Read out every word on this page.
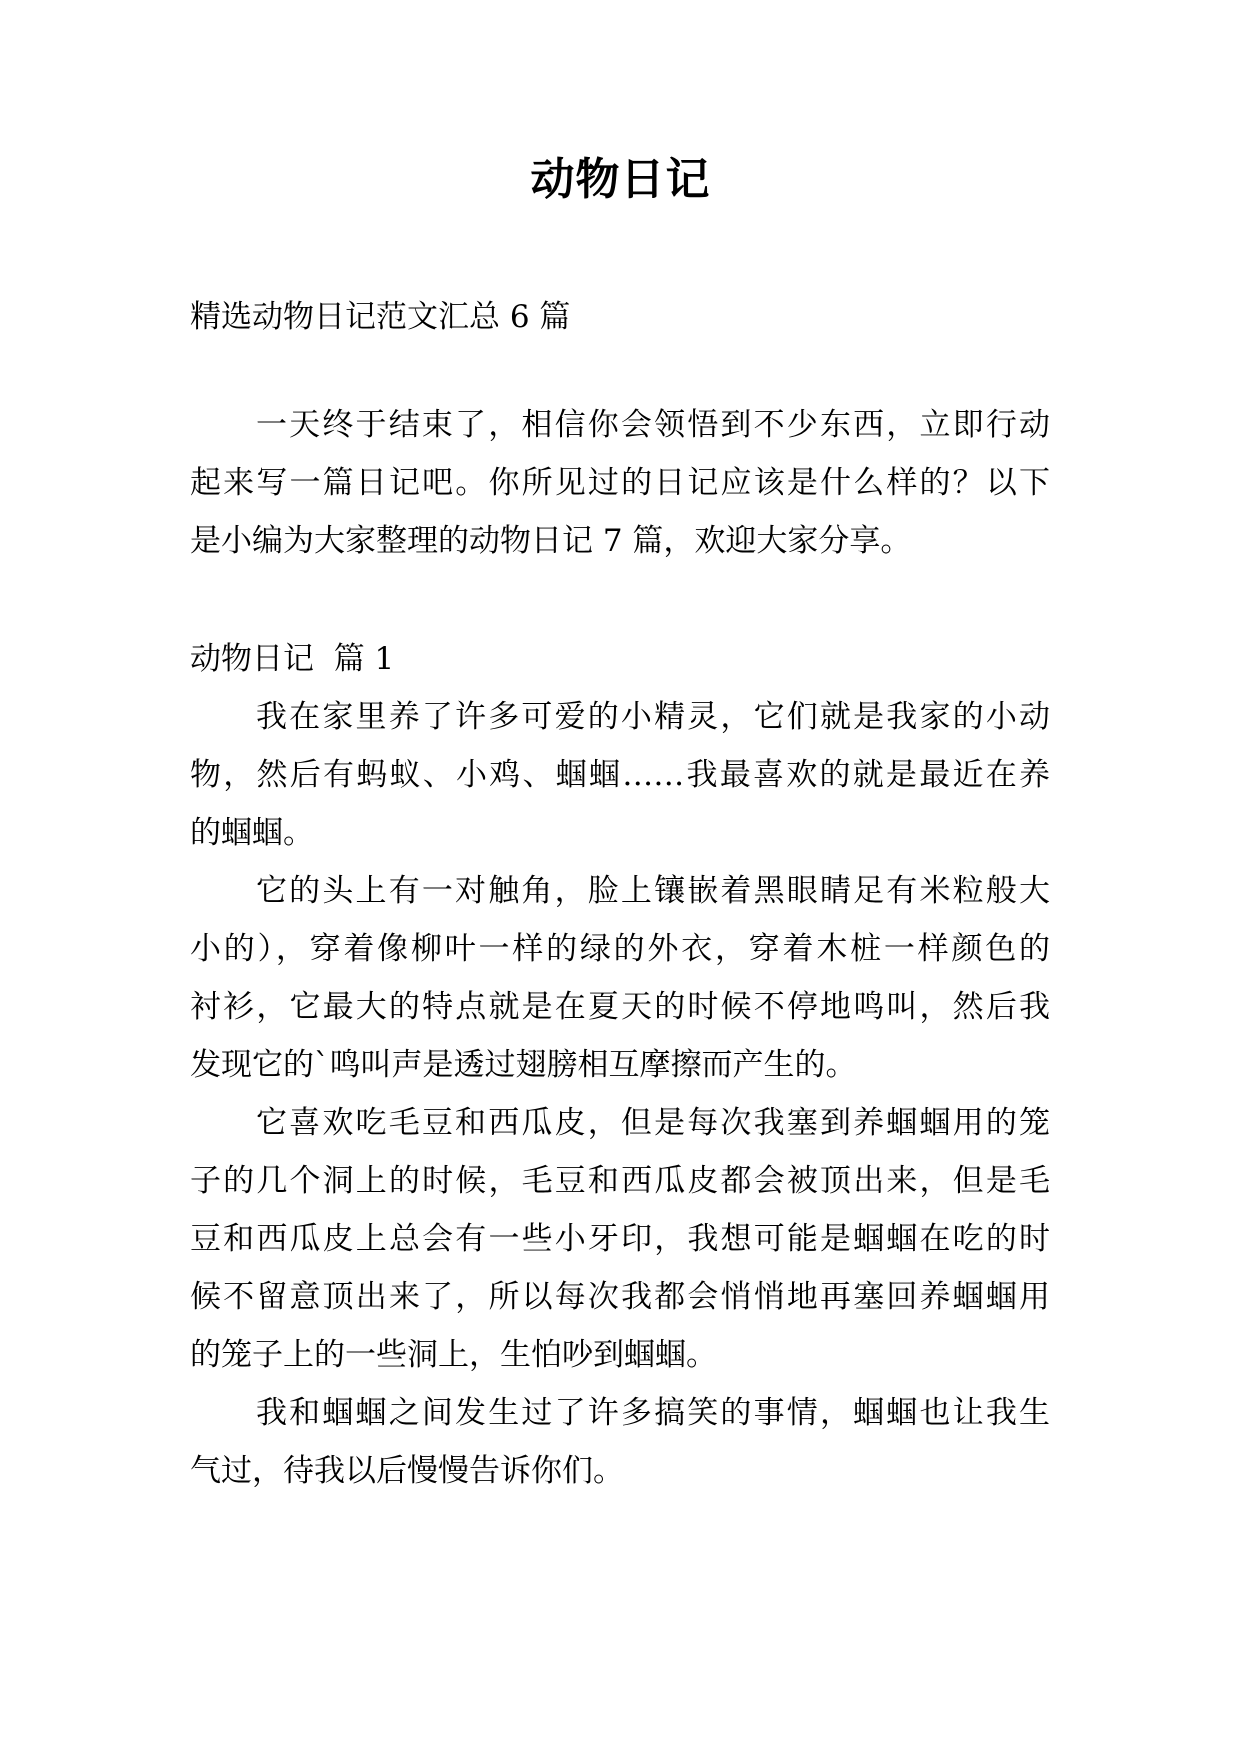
动物日记
精选动物日记范文汇总 6 篇
一天终于结束了，相信你会领悟到不少东西，立即行动
起来写一篇日记吧。你所见过的日记应该是什么样的？以下
是小编为大家整理的动物日记 7 篇，欢迎大家分享。
动物日记  篇 1
我在家里养了许多可爱的小精灵，它们就是我家的小动
物，然后有蚂蚁、小鸡、蝈蝈……我最喜欢的就是最近在养
的蝈蝈。
它的头上有一对触角，脸上镶嵌着黑眼睛足有米粒般大
小的），穿着像柳叶一样的绿的外衣，穿着木桩一样颜色的
衬衫，它最大的特点就是在夏天的时候不停地鸣叫，然后我
发现它的`鸣叫声是透过翅膀相互摩擦而产生的。
它喜欢吃毛豆和西瓜皮，但是每次我塞到养蝈蝈用的笼
子的几个洞上的时候，毛豆和西瓜皮都会被顶出来，但是毛
豆和西瓜皮上总会有一些小牙印，我想可能是蝈蝈在吃的时
候不留意顶出来了，所以每次我都会悄悄地再塞回养蝈蝈用
的笼子上的一些洞上，生怕吵到蝈蝈。
我和蝈蝈之间发生过了许多搞笑的事情，蝈蝈也让我生
气过，待我以后慢慢告诉你们。
